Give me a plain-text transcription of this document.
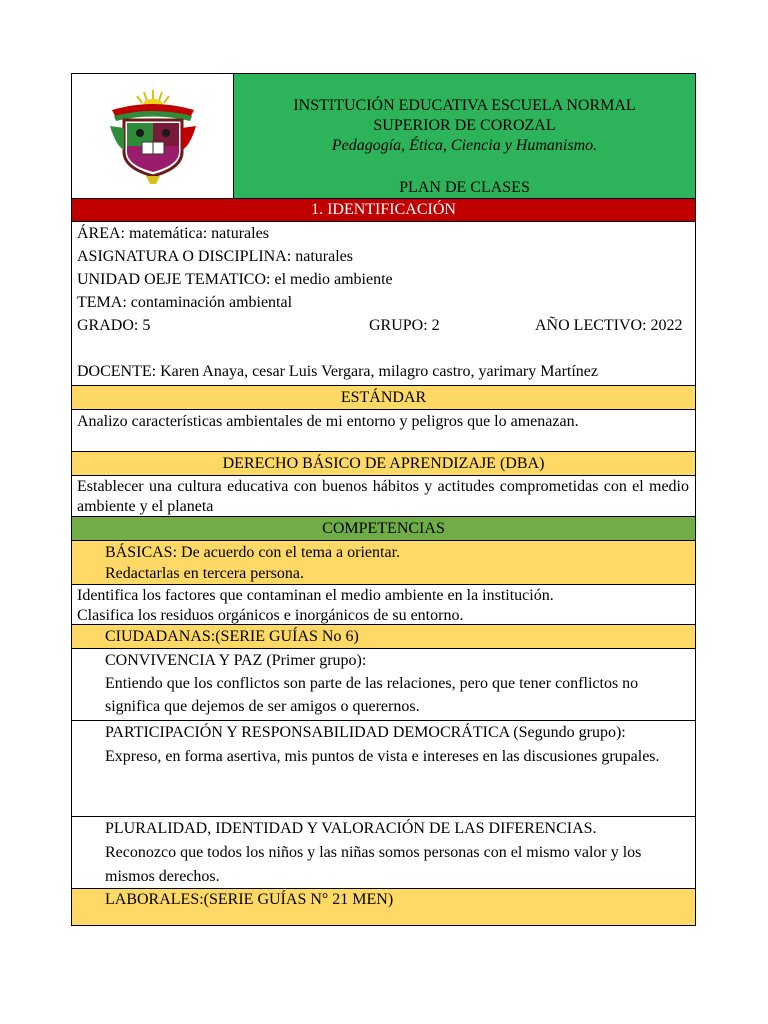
INSTITUCIÓN EDUCATIVA ESCUELA NORMAL
SUPERIOR DE COROZAL
Pedagogía, Ética, Ciencia y Humanismo.
PLAN DE CLASES
1. IDENTIFICACIÓN
ÁREA: matemática: naturales
ASIGNATURA O DISCIPLINA: naturales
UNIDAD OEJE TEMATICO: el medio ambiente
TEMA: contaminación ambiental
GRADO: 5	GRUPO: 2	AÑO LECTIVO: 2022
DOCENTE: Karen Anaya, cesar Luis Vergara, milagro castro, yarimary Martínez
ESTÁNDAR
Analizo características ambientales de mi entorno y peligros que lo amenazan.
DERECHO BÁSICO DE APRENDIZAJE (DBA)
Establecer una cultura educativa con buenos hábitos y actitudes comprometidas con el medio ambiente y el planeta
COMPETENCIAS
BÁSICAS: De acuerdo con el tema a orientar.
Redactarlas en tercera persona.
Identifica los factores que contaminan el medio ambiente en la institución.
Clasifica los residuos orgánicos e inorgánicos de su entorno.
CIUDADANAS:(SERIE GUÍAS No 6)
CONVIVENCIA Y PAZ (Primer grupo):
Entiendo que los conflictos son parte de las relaciones, pero que tener conflictos no significa que dejemos de ser amigos o querernos.
PARTICIPACIÓN Y RESPONSABILIDAD DEMOCRÁTICA (Segundo grupo):
Expreso, en forma asertiva, mis puntos de vista e intereses en las discusiones grupales.
PLURALIDAD, IDENTIDAD Y VALORACIÓN DE LAS DIFERENCIAS.
Reconozco que todos los niños y las niñas somos personas con el mismo valor y los mismos derechos.
LABORALES:(SERIE GUÍAS N° 21 MEN)
